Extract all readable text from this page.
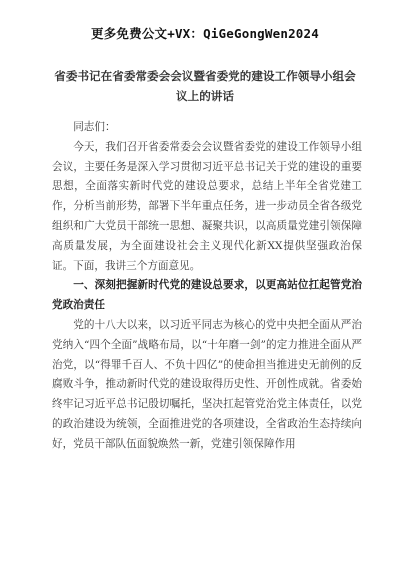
更多免费公文+VX：QiGeGongWen2024
省委书记在省委常委会会议暨省委党的建设工作领导小组会议上的讲话

同志们：

今天，我们召开省委常委会会议暨省委党的建设工作领导小组会议，主要任务是深入学习贯彻习近平总书记关于党的建设的重要思想，全面落实新时代党的建设总要求，总结上半年全省党建工作，分析当前形势，部署下半年重点任务，进一步动员全省各级党组织和广大党员干部统一思想、凝聚共识，以高质量党建引领保障高质量发展，为全面建设社会主义现代化新XX提供坚强政治保证。下面，我讲三个方面意见。

一、深刻把握新时代党的建设总要求，以更高站位扛起管党治党政治责任

党的十八大以来，以习近平同志为核心的党中央把全面从严治党纳入“四个全面”战略布局，以“十年磨一剑”的定力推进全面从严治党，以“得罪千百人、不负十四亿”的使命担当推进史无前例的反腐败斗争，推动新时代党的建设取得历史性、开创性成就。省委始终牢记习近平总书记殷切嘱托，坚决扛起管党治党主体责任，以党的政治建设为统领，全面推进党的各项建设，全省政治生态持续向好，党员干部队伍面貌焕然一新，党建引领保障作用
